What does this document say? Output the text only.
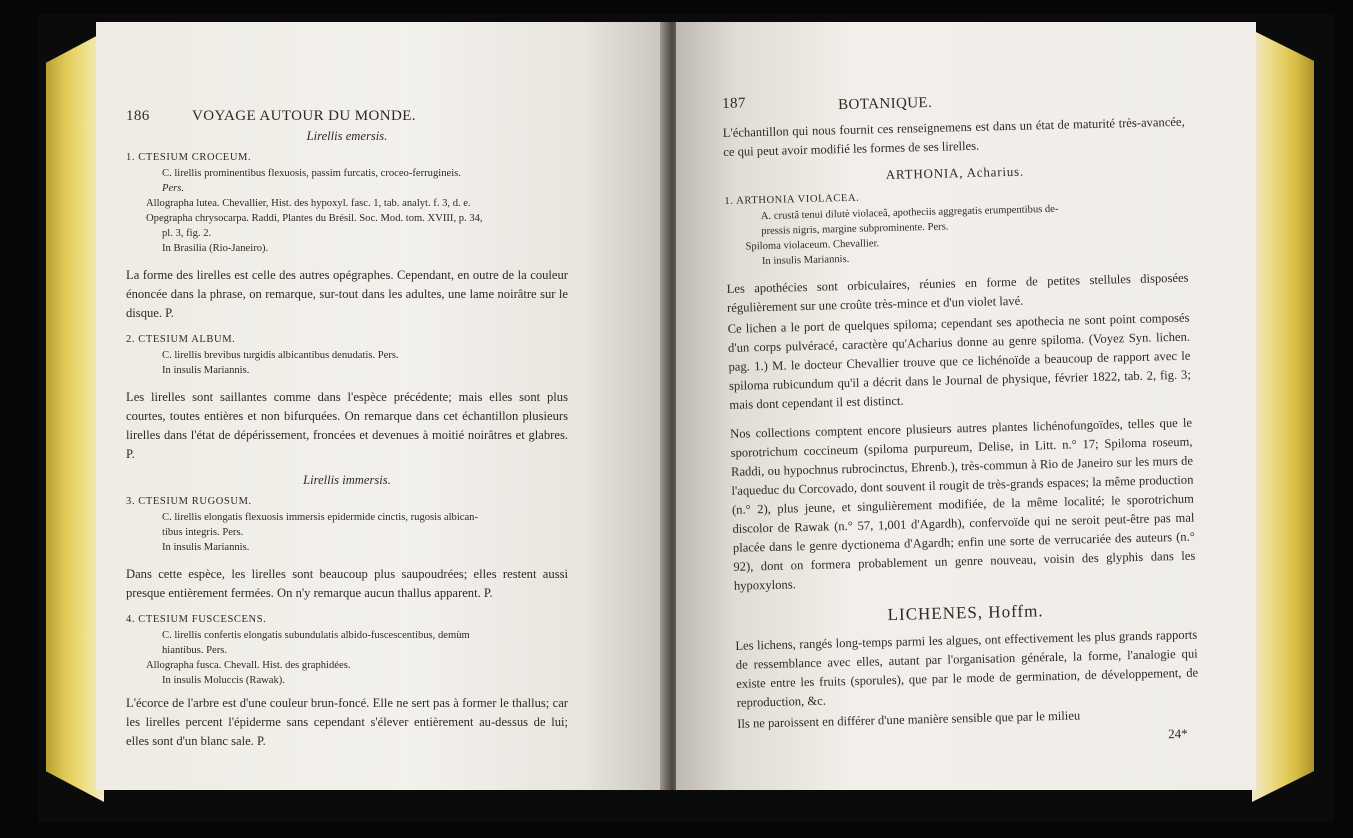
186	VOYAGE AUTOUR DU MONDE.
Lirellis emersis.
1. CTESIUM CROCEUM.
C. lirellis prominentibus flexuosis, passim furcatis, croceo-ferrugineis.
Pers.
Allographa lutea. Chevallier, Hist. des hypoxyl. fasc. 1, tab. analyt. f. 3, d. e.
Opegrapha chrysocarpa. Raddi, Plantes du Brésil. Soc. Mod. tom. XVIII, p. 34,
pl. 3, fig. 2.
In Brasilia (Rio-Janeiro).
La forme des lirelles est celle des autres opégraphes. Cependant, en outre de la couleur énoncée dans la phrase, on remarque, sur-tout dans les adultes, une lame noirâtre sur le disque. P.
2. CTESIUM ALBUM.
C. lirellis brevibus turgidis albicantibus denudatis. Pers.
In insulis Mariannis.
Les lirelles sont saillantes comme dans l'espèce précédente; mais elles sont plus courtes, toutes entières et non bifurquées. On remarque dans cet échantillon plusieurs lirelles dans l'état de dépérissement, froncées et devenues à moitié noirâtres et glabres. P.
Lirellis immersis.
3. CTESIUM RUGOSUM.
C. lirellis elongatis flexuosis immersis epidermide cinctis, rugosis albican-
tibus integris. Pers.
In insulis Mariannis.
Dans cette espèce, les lirelles sont beaucoup plus saupoudrées; elles restent aussi presque entièrement fermées. On n'y remarque aucun thallus apparent. P.
4. CTESIUM FUSCESCENS.
C. lirellis confertis elongatis subundulatis albido-fuscescentibus, demùm
hiantibus. Pers.
Allographa fusca. Chevall. Hist. des graphidées.
In insulis Moluccis (Rawak).
L'écorce de l'arbre est d'une couleur brun-foncé. Elle ne sert pas à former le thallus; car les lirelles percent l'épiderme sans cependant s'élever entièrement au-dessus de lui; elles sont d'un blanc sale. P.
BOTANIQUE.
187
L'échantillon qui nous fournit ces renseignemens est dans un état de maturité très-avancée, ce qui peut avoir modifié les formes de ses lirelles.
ARTHONIA, Acharius.
1. ARTHONIA VIOLACEA.
A. crustâ tenui dilutè violaceâ, apotheciis aggregatis erumpentibus de-
pressis nigris, margine subprominente. Pers.
Spiloma violaceum. Chevallier.
In insulis Mariannis.
Les apothécies sont orbiculaires, réunies en forme de petites stellules disposées régulièrement sur une croûte très-mince et d'un violet lavé.
Ce lichen a le port de quelques spiloma; cependant ses apothecia ne sont point composés d'un corps pulvéracé, caractère qu'Acharius donne au genre spiloma. (Voyez Syn. lichen. pag. 1.) M. le docteur Chevallier trouve que ce lichénoïde a beaucoup de rapport avec le spiloma rubicundum qu'il a décrit dans le Journal de physique, février 1822, tab. 2, fig. 3; mais dont cependant il est distinct.
Nos collections comptent encore plusieurs autres plantes lichénofungoïdes, telles que le sporotrichum coccineum (spiloma purpureum, Delise, in Litt. n.° 17; Spiloma roseum, Raddi, ou hypochnus rubrocinctus, Ehrenb.), très-commun à Rio de Janeiro sur les murs de l'aqueduc du Corcovado, dont souvent il rougit de très-grands espaces; la même production (n.° 2), plus jeune, et singulièrement modifiée, de la même localité; le sporotrichum discolor de Rawak (n.° 57, 1,001 d'Agardh), confervoïde qui ne seroit peut-être pas mal placée dans le genre dyctionema d'Agardh; enfin une sorte de verrucariée des auteurs (n.° 92), dont on formera probablement un genre nouveau, voisin des glyphis dans les hypoxylons.
LICHENES, Hoffm.
Les lichens, rangés long-temps parmi les algues, ont effectivement les plus grands rapports de ressemblance avec elles, autant par l'organisation générale, la forme, l'analogie qui existe entre les fruits (sporules), que par le mode de germination, de développement, de reproduction, &c.
Ils ne paroissent en différer d'une manière sensible que par le milieu
24*
